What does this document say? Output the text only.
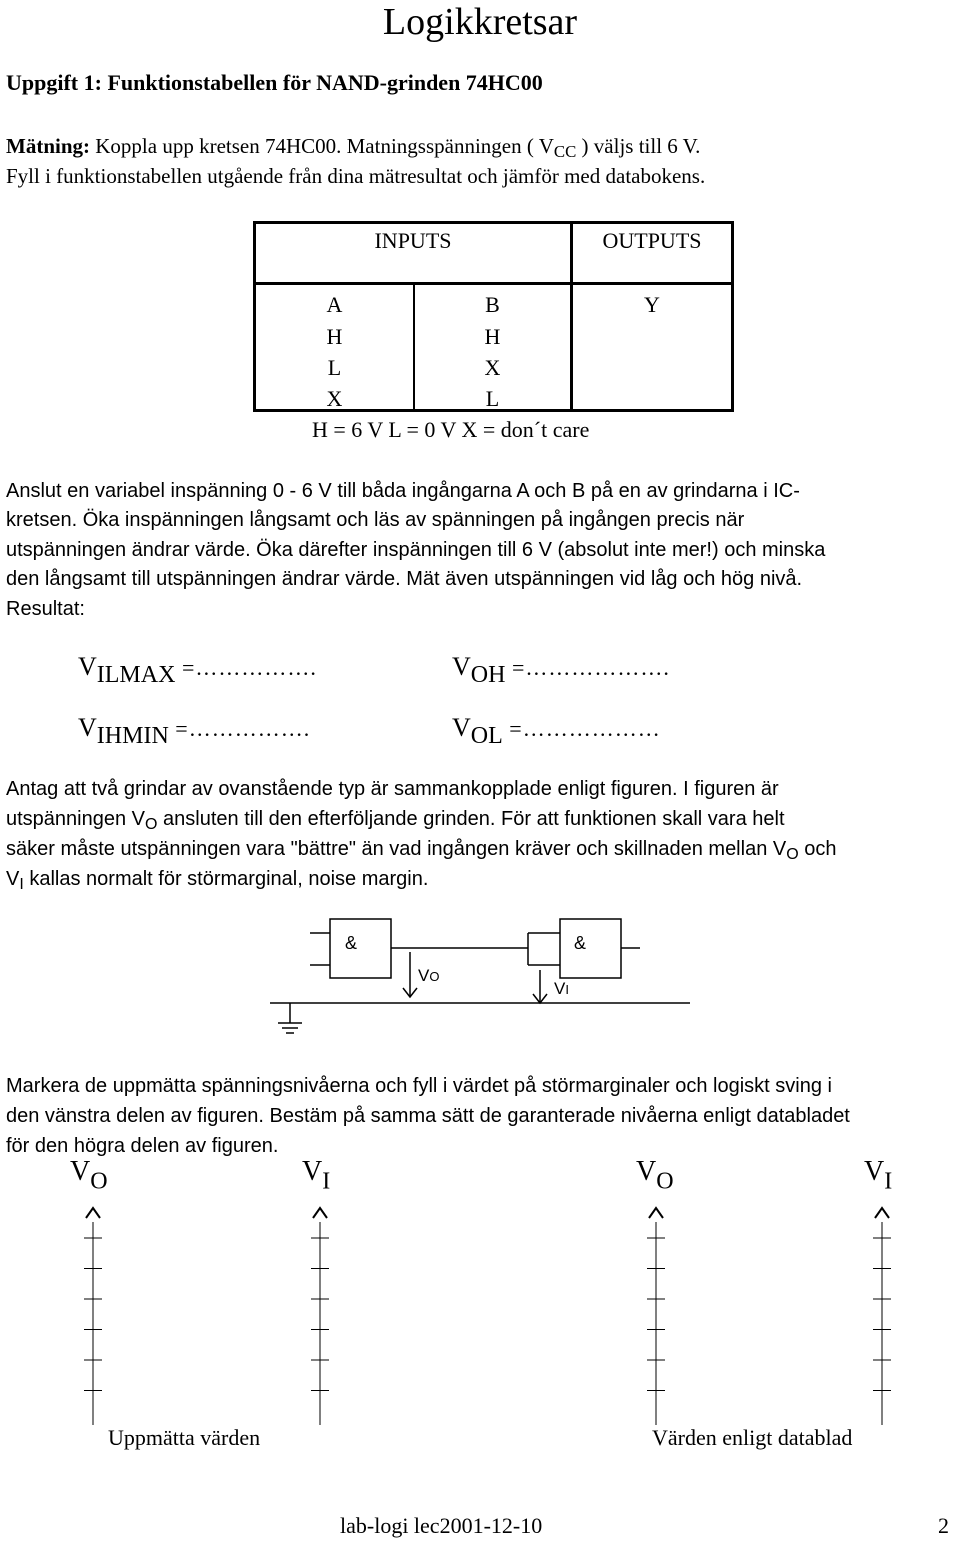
Logikkretsar
Uppgift 1: Funktionstabellen för NAND-grinden 74HC00
Mätning: Koppla upp kretsen 74HC00. Matningsspänningen ( $V_{CC}$ ) väljs till 6 V.
Fyll i funktionstabellen utgående från dina mätresultat och jämför med databokens.
INPUTS	OUTPUTS
A	B	Y
H	H
L	X
X	L
H = 6 V L = 0 V X = don´t care
Anslut en variabel inspänning 0 - 6 V till båda ingångarna A och B på en av grindarna i IC-
kretsen. Öka inspänningen långsamt och läs av spänningen på ingången precis när
utspänningen ändrar värde. Öka därefter inspänningen till 6 V (absolut inte mer!) och minska
den långsamt till utspänningen ändrar värde. Mät även utspänningen vid låg och hög nivå.
Resultat:
$V_{ILMAX}$ =…………….	$V_{OH}$ =……………….
$V_{IHMIN}$ =…………….	$V_{OL}$ =………………
Antag att två grindar av ovanstående typ är sammankopplade enligt figuren. I figuren är
utspänningen $V_O$ ansluten till den efterföljande grinden. För att funktionen skall vara helt
säker måste utspänningen vara "bättre" än vad ingången kräver och skillnaden mellan $V_O$ och
$V_I$ kallas normalt för störmarginal, noise margin.
&	&
VO
VI
Markera de uppmätta spänningsnivåerna och fyll i värdet på störmarginaler och logiskt sving i
den vänstra delen av figuren. Bestäm på samma sätt de garanterade nivåerna enligt databladet
för den högra delen av figuren.
$V_O$	$V_I$	$V_O$	$V_I$
Uppmätta värden	Värden enligt datablad
lab-logi lec2001-12-10	2
